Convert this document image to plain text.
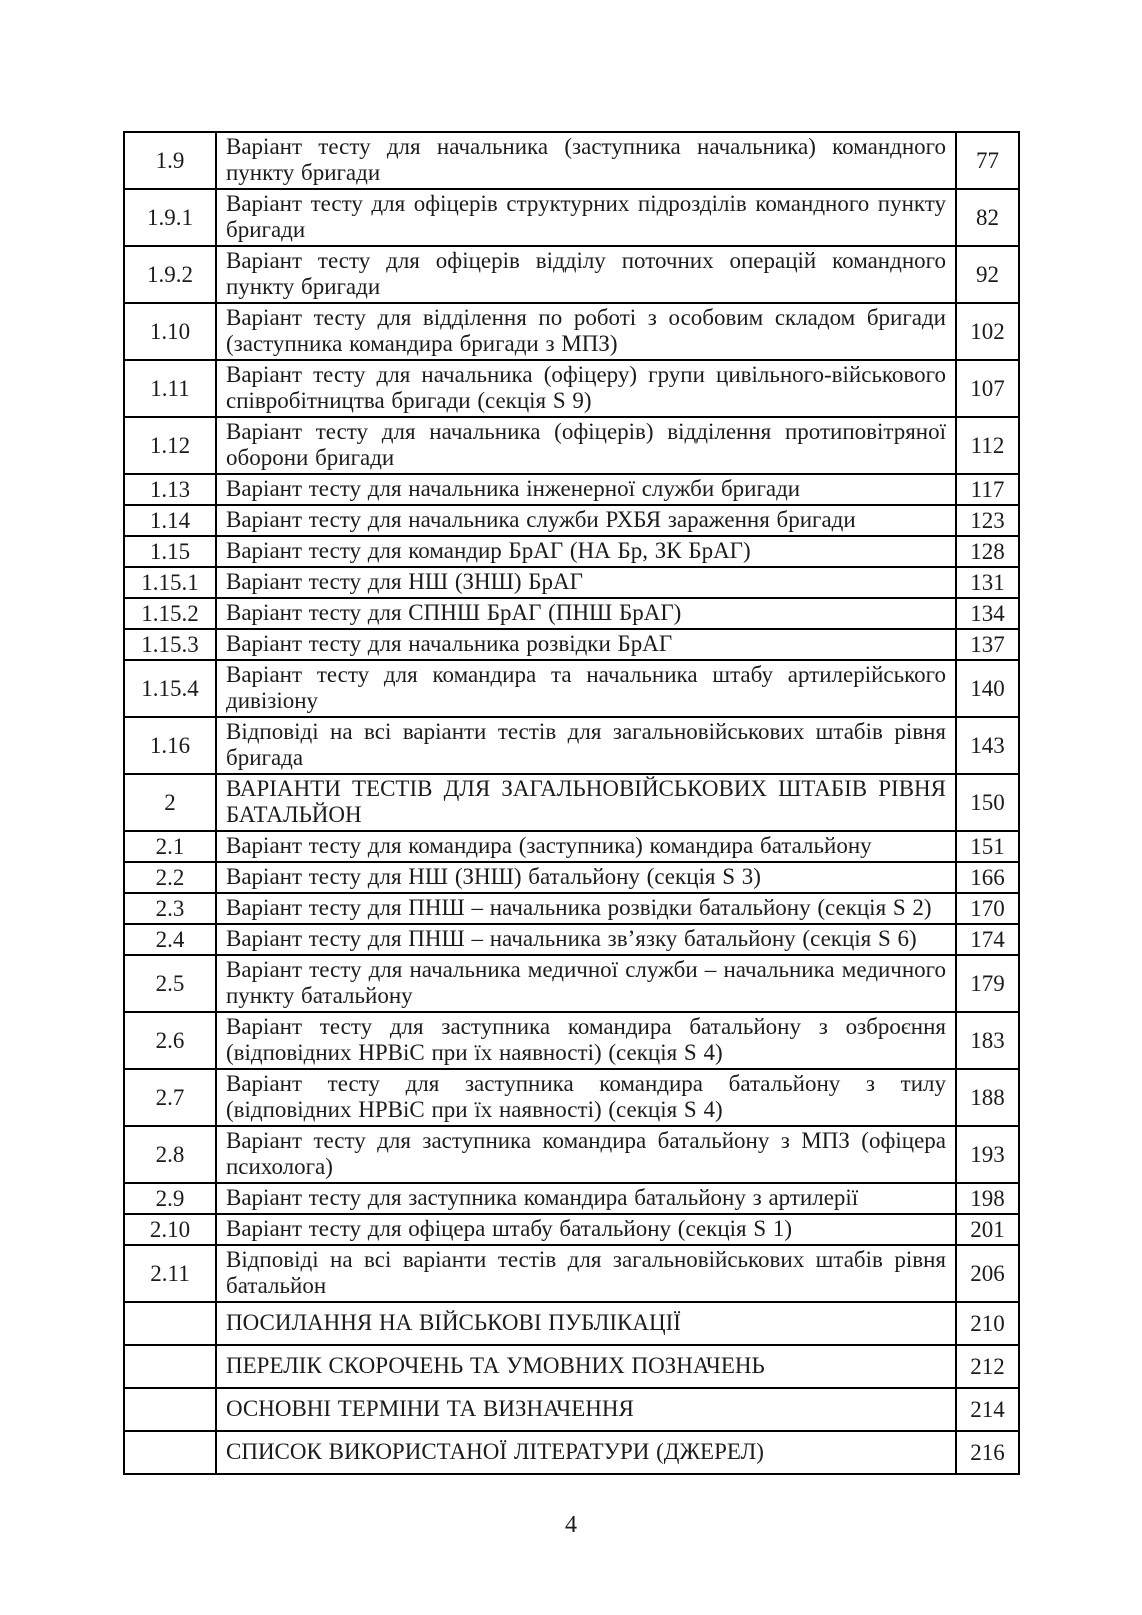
1.9	Варіант тесту для начальника (заступника начальника) командного пункту бригади	77
1.9.1	Варіант тесту для офіцерів структурних підрозділів командного пункту бригади	82
1.9.2	Варіант тесту для офіцерів відділу поточних операцій командного пункту бригади	92
1.10	Варіант тесту для відділення по роботі з особовим складом бригади (заступника командира бригади з МПЗ)	102
1.11	Варіант тесту для начальника (офіцеру) групи цивільного-військового співробітництва бригади (секція S 9)	107
1.12	Варіант тесту для начальника (офіцерів) відділення протиповітряної оборони бригади	112
1.13	Варіант тесту для начальника інженерної служби бригади	117
1.14	Варіант тесту для начальника служби РХБЯ зараження бригади	123
1.15	Варіант тесту для командир БрАГ (НА Бр, ЗК БрАГ)	128
1.15.1	Варіант тесту для НШ (ЗНШ) БрАГ	131
1.15.2	Варіант тесту для СПНШ БрАГ (ПНШ БрАГ)	134
1.15.3	Варіант тесту для начальника розвідки БрАГ	137
1.15.4	Варіант тесту для командира та начальника штабу артилерійського дивізіону	140
1.16	Відповіді на всі варіанти тестів для загальновійськових штабів рівня бригада	143
2	ВАРІАНТИ ТЕСТІВ ДЛЯ ЗАГАЛЬНОВІЙСЬКОВИХ ШТАБІВ РІВНЯ БАТАЛЬЙОН	150
2.1	Варіант тесту для командира (заступника) командира батальйону	151
2.2	Варіант тесту для НШ (ЗНШ) батальйону (секція S 3)	166
2.3	Варіант тесту для ПНШ – начальника розвідки батальйону (секція S 2)	170
2.4	Варіант тесту для ПНШ – начальника зв’язку батальйону (секція S 6)	174
2.5	Варіант тесту для начальника медичної служби – начальника медичного пункту батальйону	179
2.6	Варіант тесту для заступника командира батальйону з озброєння (відповідних НРВіС при їх наявності) (секція S 4)	183
2.7	Варіант тесту для заступника командира батальйону з тилу (відповідних НРВіС при їх наявності) (секція S 4)	188
2.8	Варіант тесту для заступника командира батальйону з МПЗ (офіцера психолога)	193
2.9	Варіант тесту для заступника командира батальйону з артилерії	198
2.10	Варіант тесту для офіцера штабу батальйону (секція S 1)	201
2.11	Відповіді на всі варіанти тестів для загальновійськових штабів рівня батальйон	206
	ПОСИЛАННЯ НА ВІЙСЬКОВІ ПУБЛІКАЦІЇ	210
	ПЕРЕЛІК СКОРОЧЕНЬ ТА УМОВНИХ ПОЗНАЧЕНЬ	212
	ОСНОВНІ ТЕРМІНИ ТА ВИЗНАЧЕННЯ	214
	СПИСОК ВИКОРИСТАНОЇ ЛІТЕРАТУРИ (ДЖЕРЕЛ)	216
4
